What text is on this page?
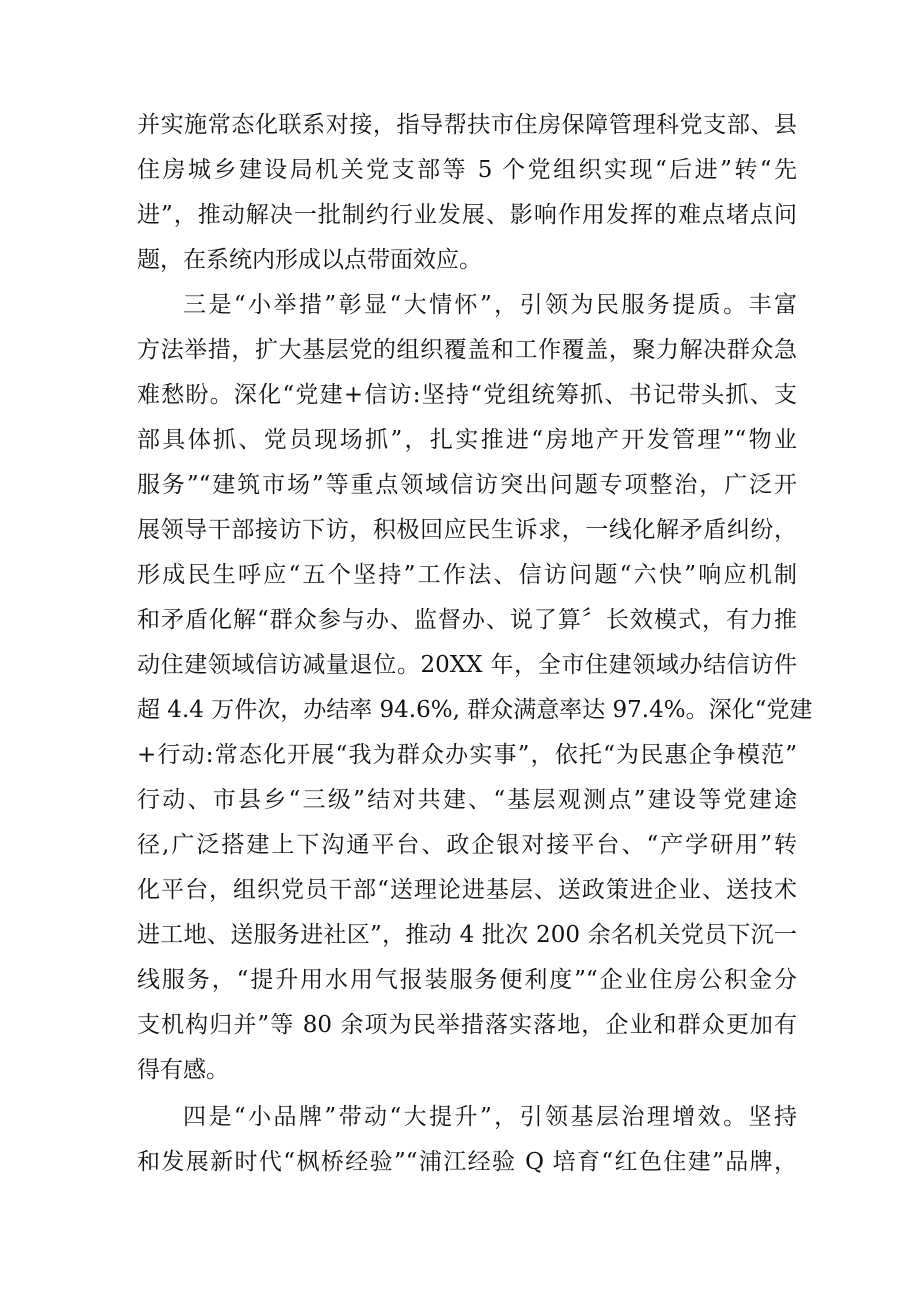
并实施常态化联系对接，指导帮扶市住房保障管理科党支部、县
住房城乡建设局机关党支部等 5 个党组织实现“后进”转“先
进”，推动解决一批制约行业发展、影响作用发挥的难点堵点问
题，在系统内形成以点带面效应。
三是“小举措”彰显“大情怀”，引领为民服务提质。丰富
方法举措，扩大基层党的组织覆盖和工作覆盖，聚力解决群众急
难愁盼。深化“党建+信访:坚持“党组统筹抓、书记带头抓、支
部具体抓、党员现场抓”，扎实推进“房地产开发管理”“物业
服务”“建筑市场”等重点领域信访突出问题专项整治，广泛开
展领导干部接访下访，积极回应民生诉求，一线化解矛盾纠纷，
形成民生呼应“五个坚持”工作法、信访问题“六快”响应机制
和矛盾化解“群众参与办、监督办、说了算〞长效模式，有力推
动住建领域信访减量退位。20XX 年，全市住建领域办结信访件
超 4.4 万件次，办结率 94.6%, 群众满意率达 97.4%。深化“党建
+行动:常态化开展“我为群众办实事”，依托“为民惠企争模范”
行动、市县乡“三级”结对共建、“基层观测点”建设等党建途
径,广泛搭建上下沟通平台、政企银对接平台、“产学研用”转
化平台，组织党员干部“送理论进基层、送政策进企业、送技术
进工地、送服务进社区”，推动 4 批次 200 余名机关党员下沉一
线服务，“提升用水用气报装服务便利度”“企业住房公积金分
支机构归并”等 80 余项为民举措落实落地，企业和群众更加有
得有感。
四是“小品牌”带动“大提升”，引领基层治理增效。坚持
和发展新时代“枫桥经验”“浦江经验 Q 培育“红色住建”品牌，
